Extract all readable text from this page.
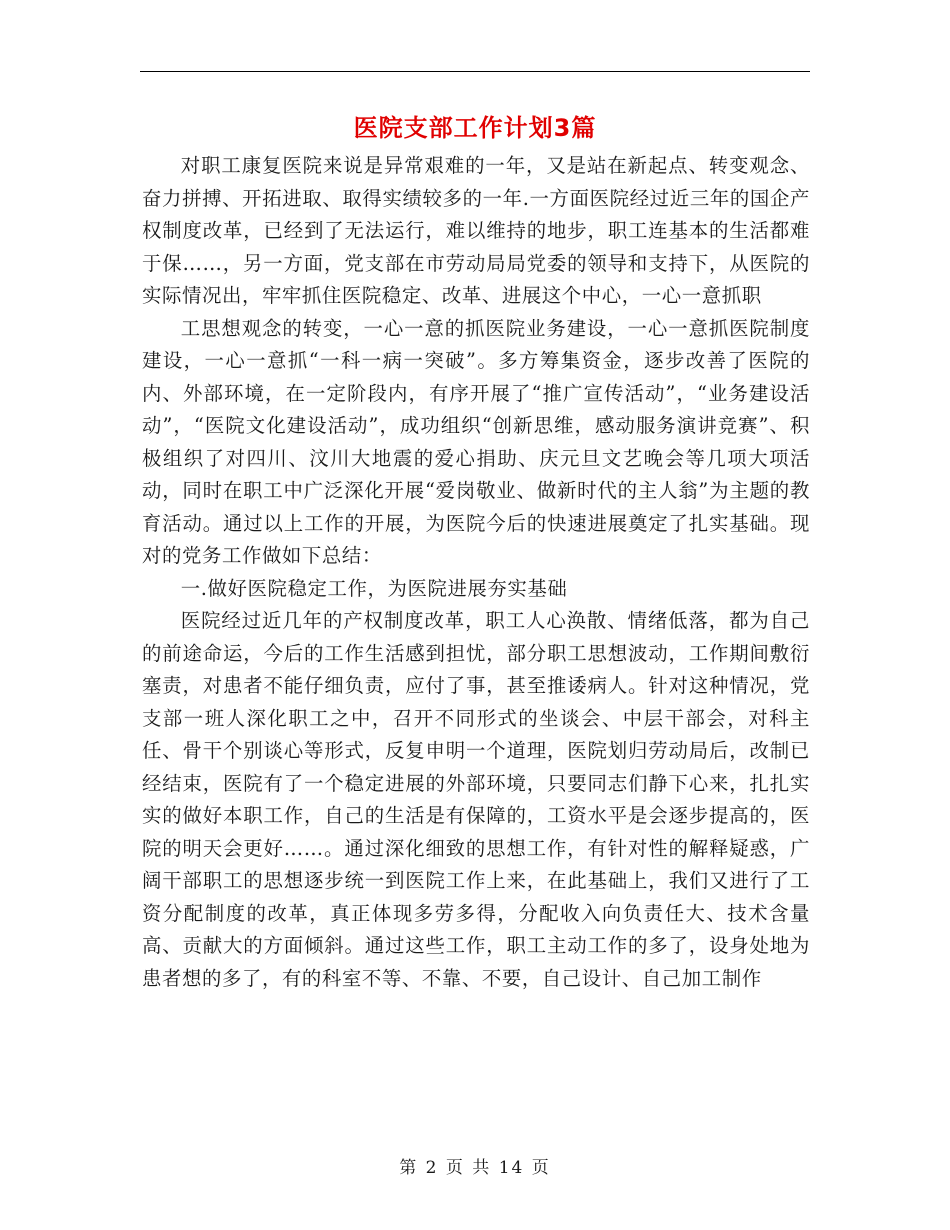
医院支部工作计划3篇

对职工康复医院来说是异常艰难的一年，又是站在新起点、转变观念、奋力拼搏、开拓进取、取得实绩较多的一年.一方面医院经过近三年的国企产权制度改革，已经到了无法运行，难以维持的地步，职工连基本的生活都难于保……，另一方面，党支部在市劳动局局党委的领导和支持下，从医院的实际情况出，牢牢抓住医院稳定、改革、进展这个中心，一心一意抓职

工思想观念的转变，一心一意的抓医院业务建设，一心一意抓医院制度建设，一心一意抓“一科一病一突破”。多方筹集资金，逐步改善了医院的内、外部环境，在一定阶段内，有序开展了“推广宣传活动”，“业务建设活动”，“医院文化建设活动”，成功组织“创新思维，感动服务演讲竞赛”、积极组织了对四川、汶川大地震的爱心捐助、庆元旦文艺晚会等几项大项活动，同时在职工中广泛深化开展“爱岗敬业、做新时代的主人翁”为主题的教育活动。通过以上工作的开展，为医院今后的快速进展奠定了扎实基础。现对的党务工作做如下总结：

一.做好医院稳定工作，为医院进展夯实基础

医院经过近几年的产权制度改革，职工人心涣散、情绪低落，都为自己的前途命运，今后的工作生活感到担忧，部分职工思想波动，工作期间敷衍塞责，对患者不能仔细负责，应付了事，甚至推诿病人。针对这种情况，党支部一班人深化职工之中，召开不同形式的坐谈会、中层干部会，对科主任、骨干个别谈心等形式，反复申明一个道理，医院划归劳动局后，改制已经结束，医院有了一个稳定进展的外部环境，只要同志们静下心来，扎扎实实的做好本职工作，自己的生活是有保障的，工资水平是会逐步提高的，医院的明天会更好……。通过深化细致的思想工作，有针对性的解释疑惑，广阔干部职工的思想逐步统一到医院工作上来，在此基础上，我们又进行了工资分配制度的改革，真正体现多劳多得，分配收入向负责任大、技术含量高、贡献大的方面倾斜。通过这些工作，职工主动工作的多了，设身处地为患者想的多了，有的科室不等、不靠、不要，自己设计、自己加工制作

第 2 页 共 14 页
